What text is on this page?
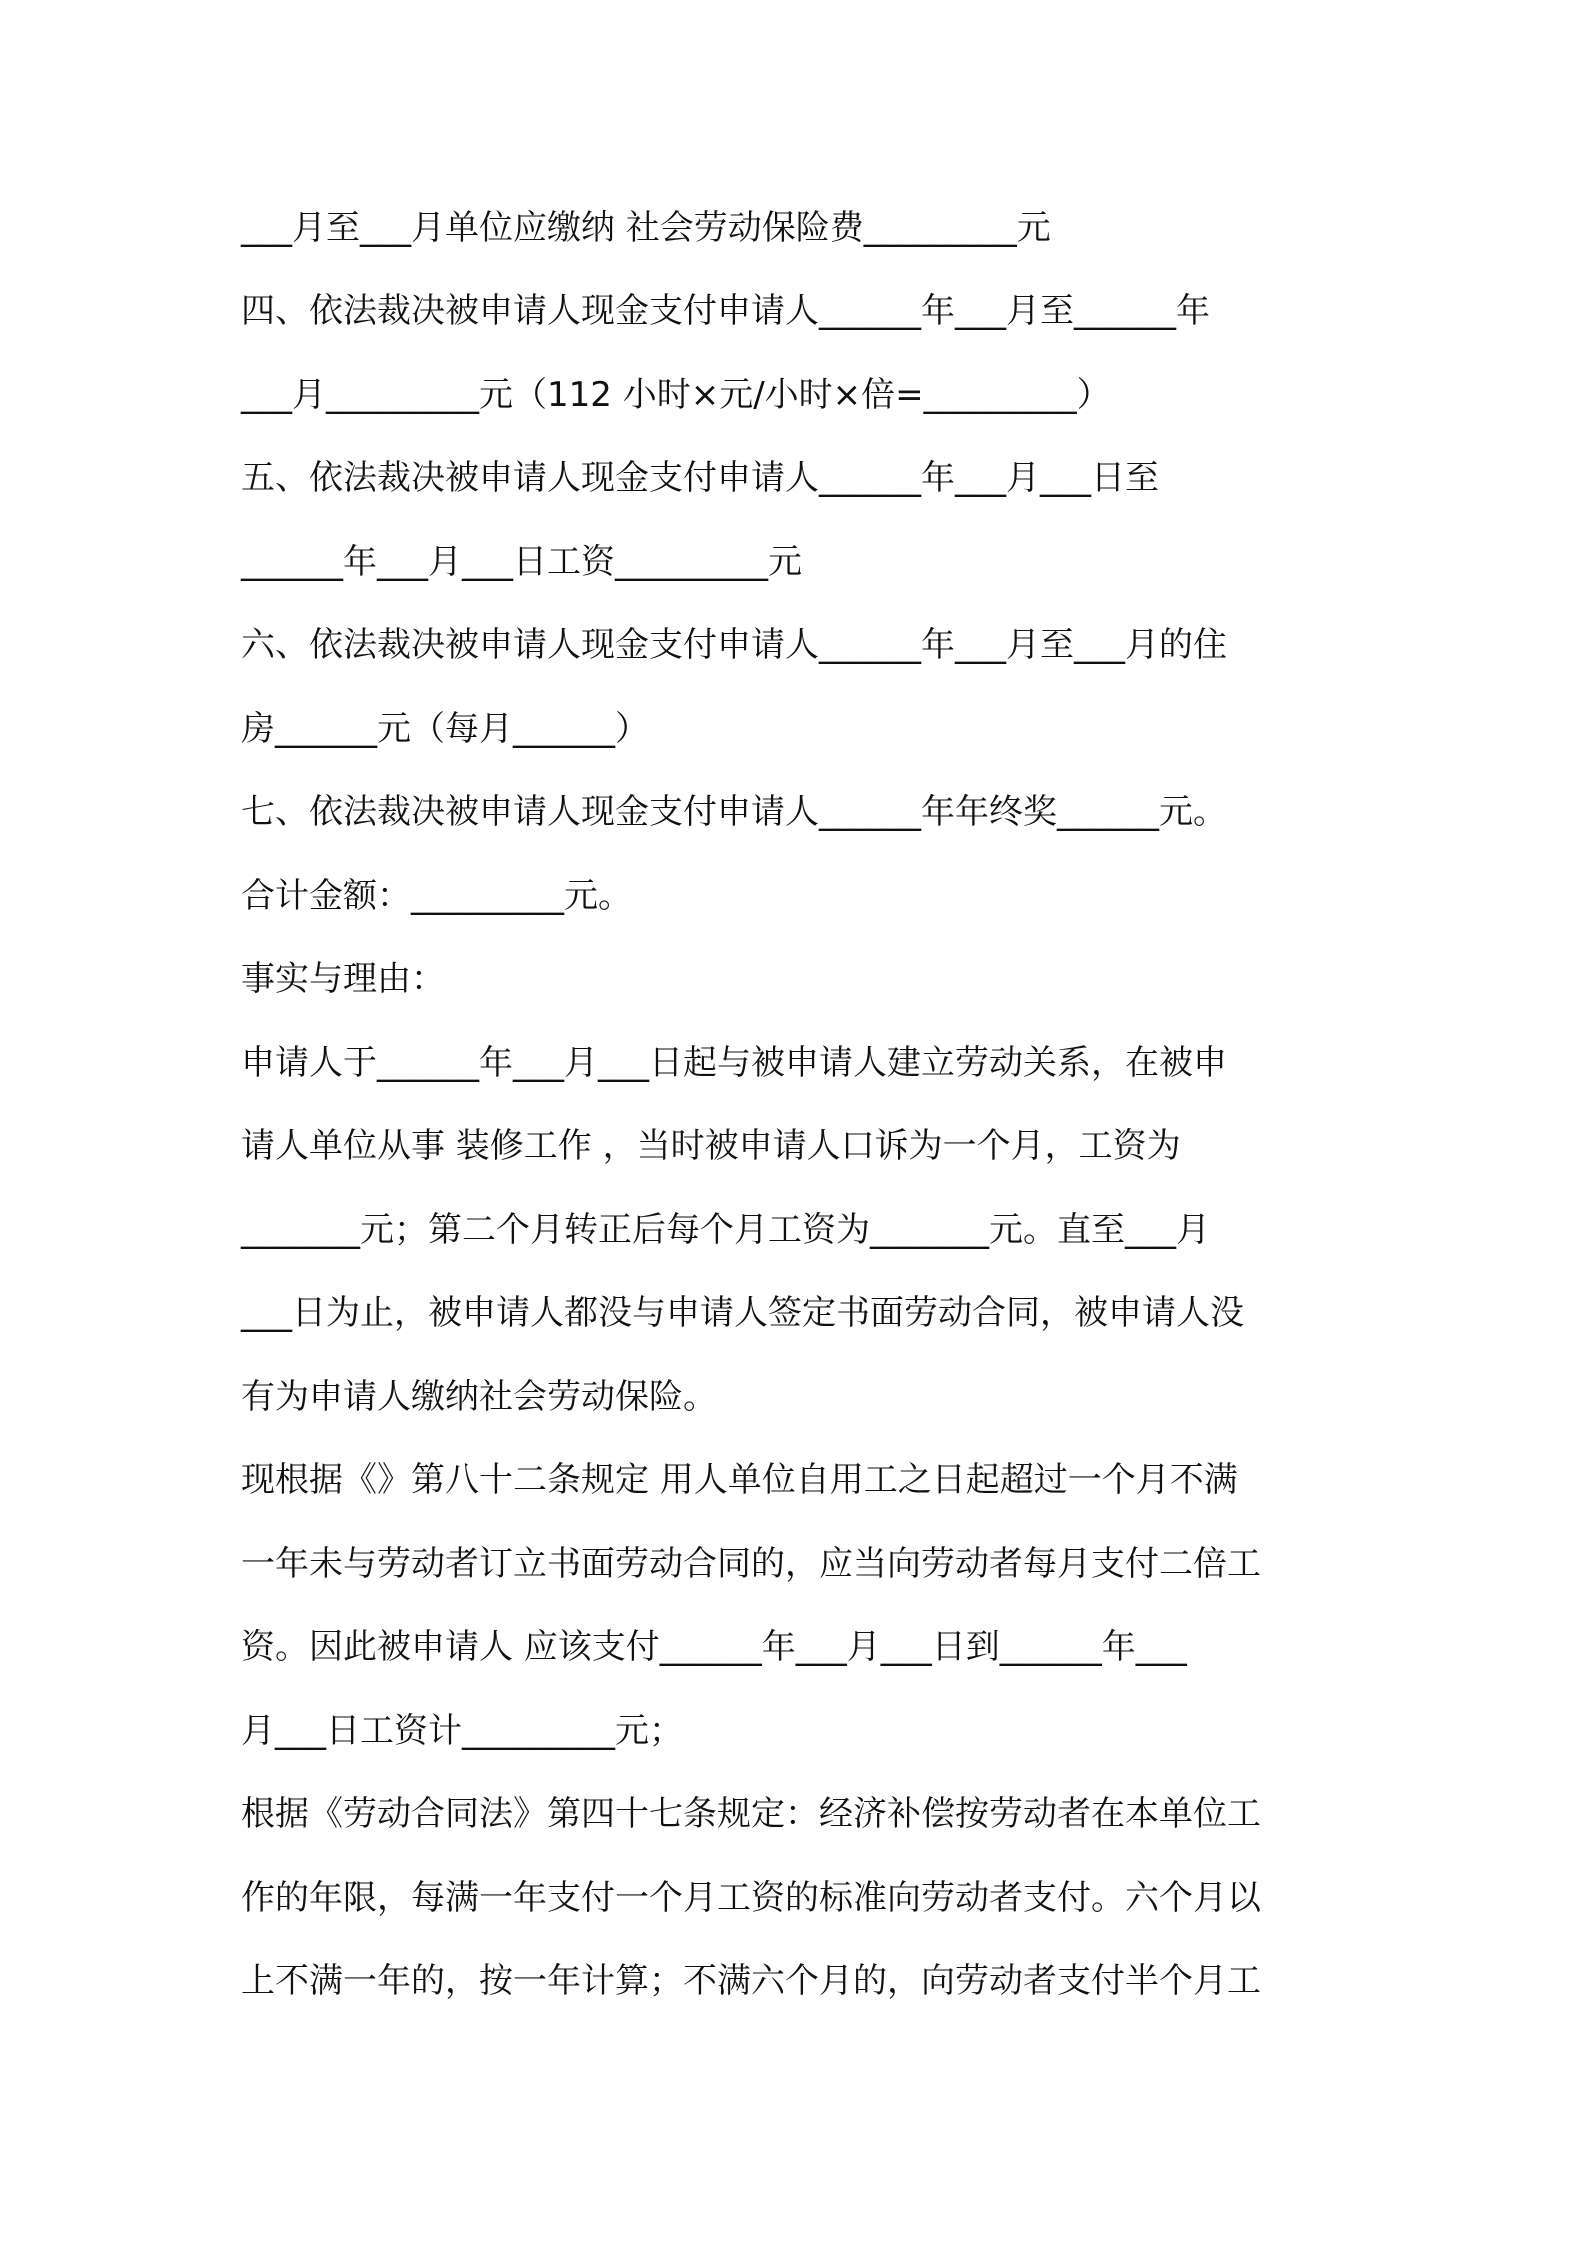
___月至___月单位应缴纳 社会劳动保险费_________元
四、依法裁决被申请人现金支付申请人______年___月至______年
___月_________元（112 小时×元/小时×倍=_________）
五、依法裁决被申请人现金支付申请人______年___月___日至
______年___月___日工资_________元
六、依法裁决被申请人现金支付申请人______年___月至___月的住
房______元（每月______）
七、依法裁决被申请人现金支付申请人______年年终奖______元。
合计金额：_________元。
事实与理由：
申请人于______年___月___日起与被申请人建立劳动关系，在被申
请人单位从事 装修工作 ，当时被申请人口诉为一个月，工资为
_______元；第二个月转正后每个月工资为_______元。直至___月
___日为止，被申请人都没与申请人签定书面劳动合同，被申请人没
有为申请人缴纳社会劳动保险。
现根据《》第八十二条规定 用人单位自用工之日起超过一个月不满
一年未与劳动者订立书面劳动合同的，应当向劳动者每月支付二倍工
资。因此被申请人 应该支付______年___月___日到______年___
月___日工资计_________元；
根据《劳动合同法》第四十七条规定：经济补偿按劳动者在本单位工
作的年限，每满一年支付一个月工资的标准向劳动者支付。六个月以
上不满一年的，按一年计算；不满六个月的，向劳动者支付半个月工
